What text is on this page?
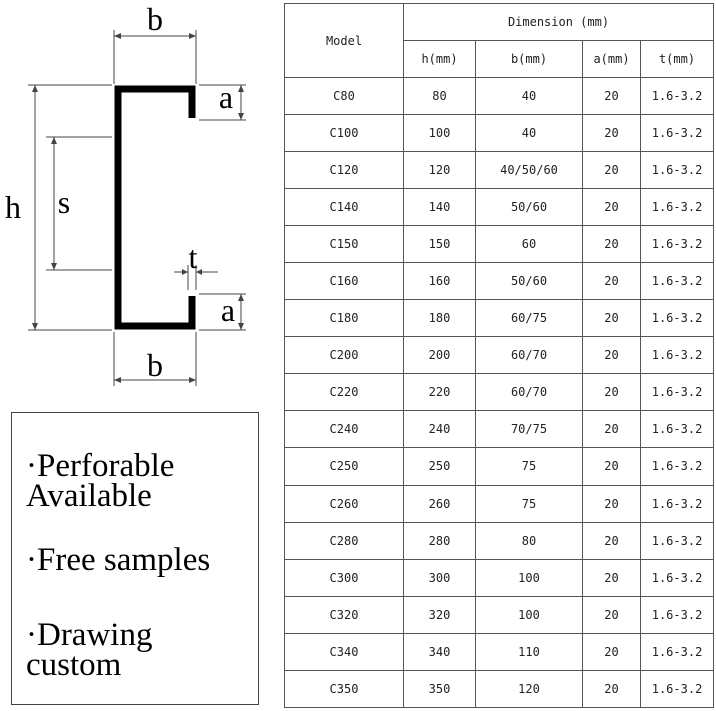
b
b
h s
t
a
a
·Perforable
Available
·Free samples
·Drawing
custom
Model	Dimension (mm)			
	h(mm)	b(mm)	a(mm)	t(mm)
C80	80	40	20	1.6-3.2
C100	100	40	20	1.6-3.2
C120	120	40/50/60	20	1.6-3.2
C140	140	50/60	20	1.6-3.2
C150	150	60	20	1.6-3.2
C160	160	50/60	20	1.6-3.2
C180	180	60/75	20	1.6-3.2
C200	200	60/70	20	1.6-3.2
C220	220	60/70	20	1.6-3.2
C240	240	70/75	20	1.6-3.2
C250	250	75	20	1.6-3.2
C260	260	75	20	1.6-3.2
C280	280	80	20	1.6-3.2
C300	300	100	20	1.6-3.2
C320	320	100	20	1.6-3.2
C340	340	110	20	1.6-3.2
C350	350	120	20	1.6-3.2
